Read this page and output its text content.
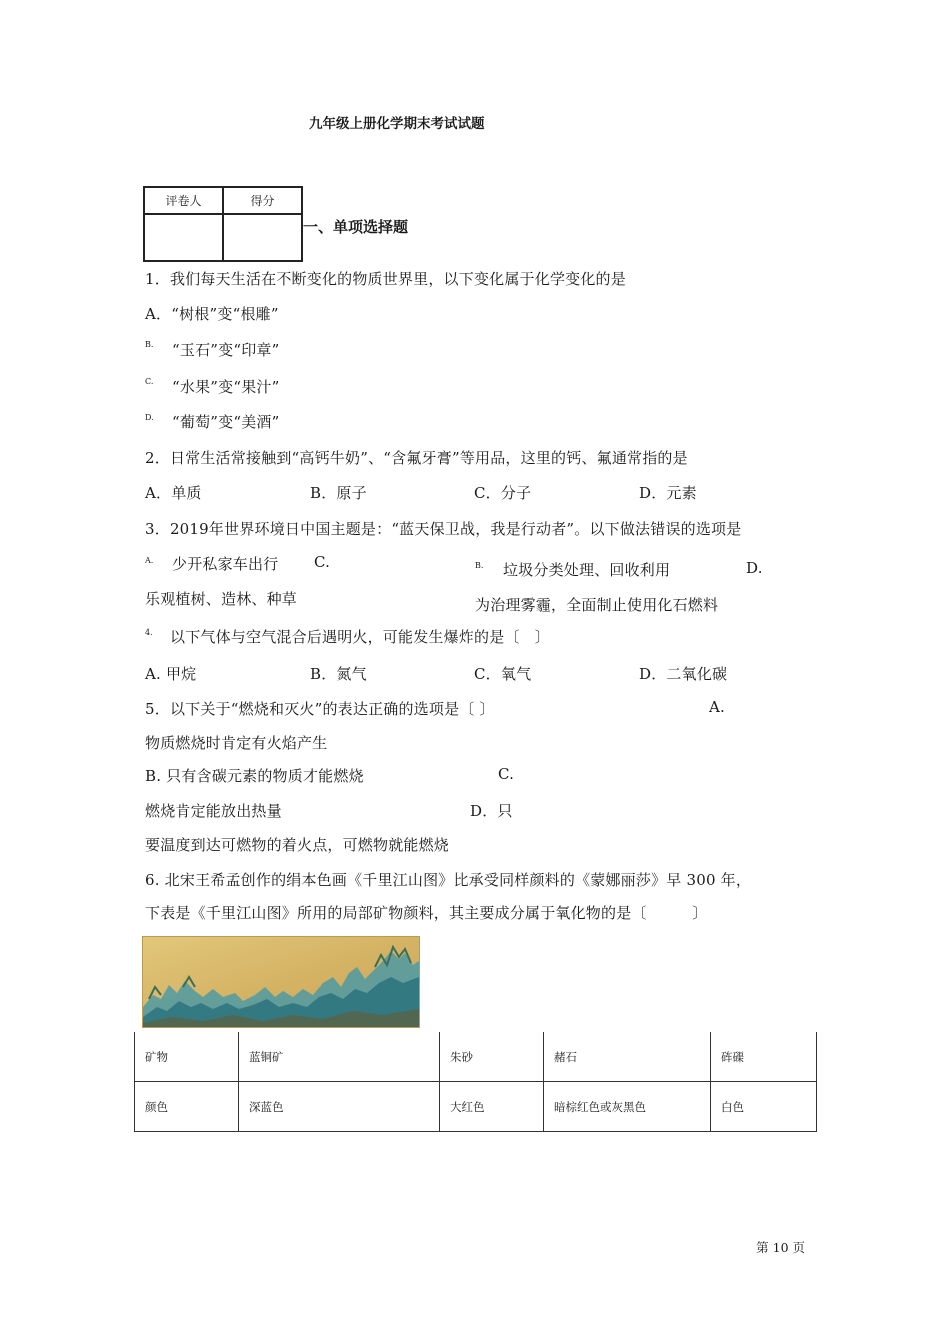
九年级上册化学期末考试试题
评卷人	得分

一、单项选择题
1．我们每天生活在不断变化的物质世界里，以下变化属于化学变化的是
A．“树根”变“根雕”
B. “玉石”变“印章”
C. “水果”变“果汁”
D. “葡萄”变“美酒”
2．日常生活常接触到“高钙牛奶”、“含氟牙膏”等用品，这里的钙、氟通常指的是
A．单质	B．原子	C．分子	D．元素
3．2019年世界环境日中国主题是：“蓝天保卫战，我是行动者”。以下做法错误的选项是
A. 少开私家车出行 C.	B. 垃圾分类处理、回收利用	D.
乐观植树、造林、种草	为治理雾霾，全面制止使用化石燃料
4. 以下气体与空气混合后遇明火，可能发生爆炸的是〔　〕
A. 甲烷	B．氮气	C．氧气	D．二氧化碳
5．以下关于“燃烧和灭火”的表达正确的选项是〔 〕	A.
物质燃烧时肯定有火焰产生
B. 只有含碳元素的物质才能燃烧	C.
燃烧肯定能放出热量	D．只
要温度到达可燃物的着火点，可燃物就能燃烧
6. 北宋王希孟创作的绢本色画《千里江山图》比承受同样颜料的《蒙娜丽莎》早 300 年，
下表是《千里江山图》所用的局部矿物颜料，其主要成分属于氧化物的是〔　　　〕
矿物	蓝铜矿	朱砂	赭石	砗磲
颜色	深蓝色	大红色	暗棕红色或灰黑色	白色
第 10 页
